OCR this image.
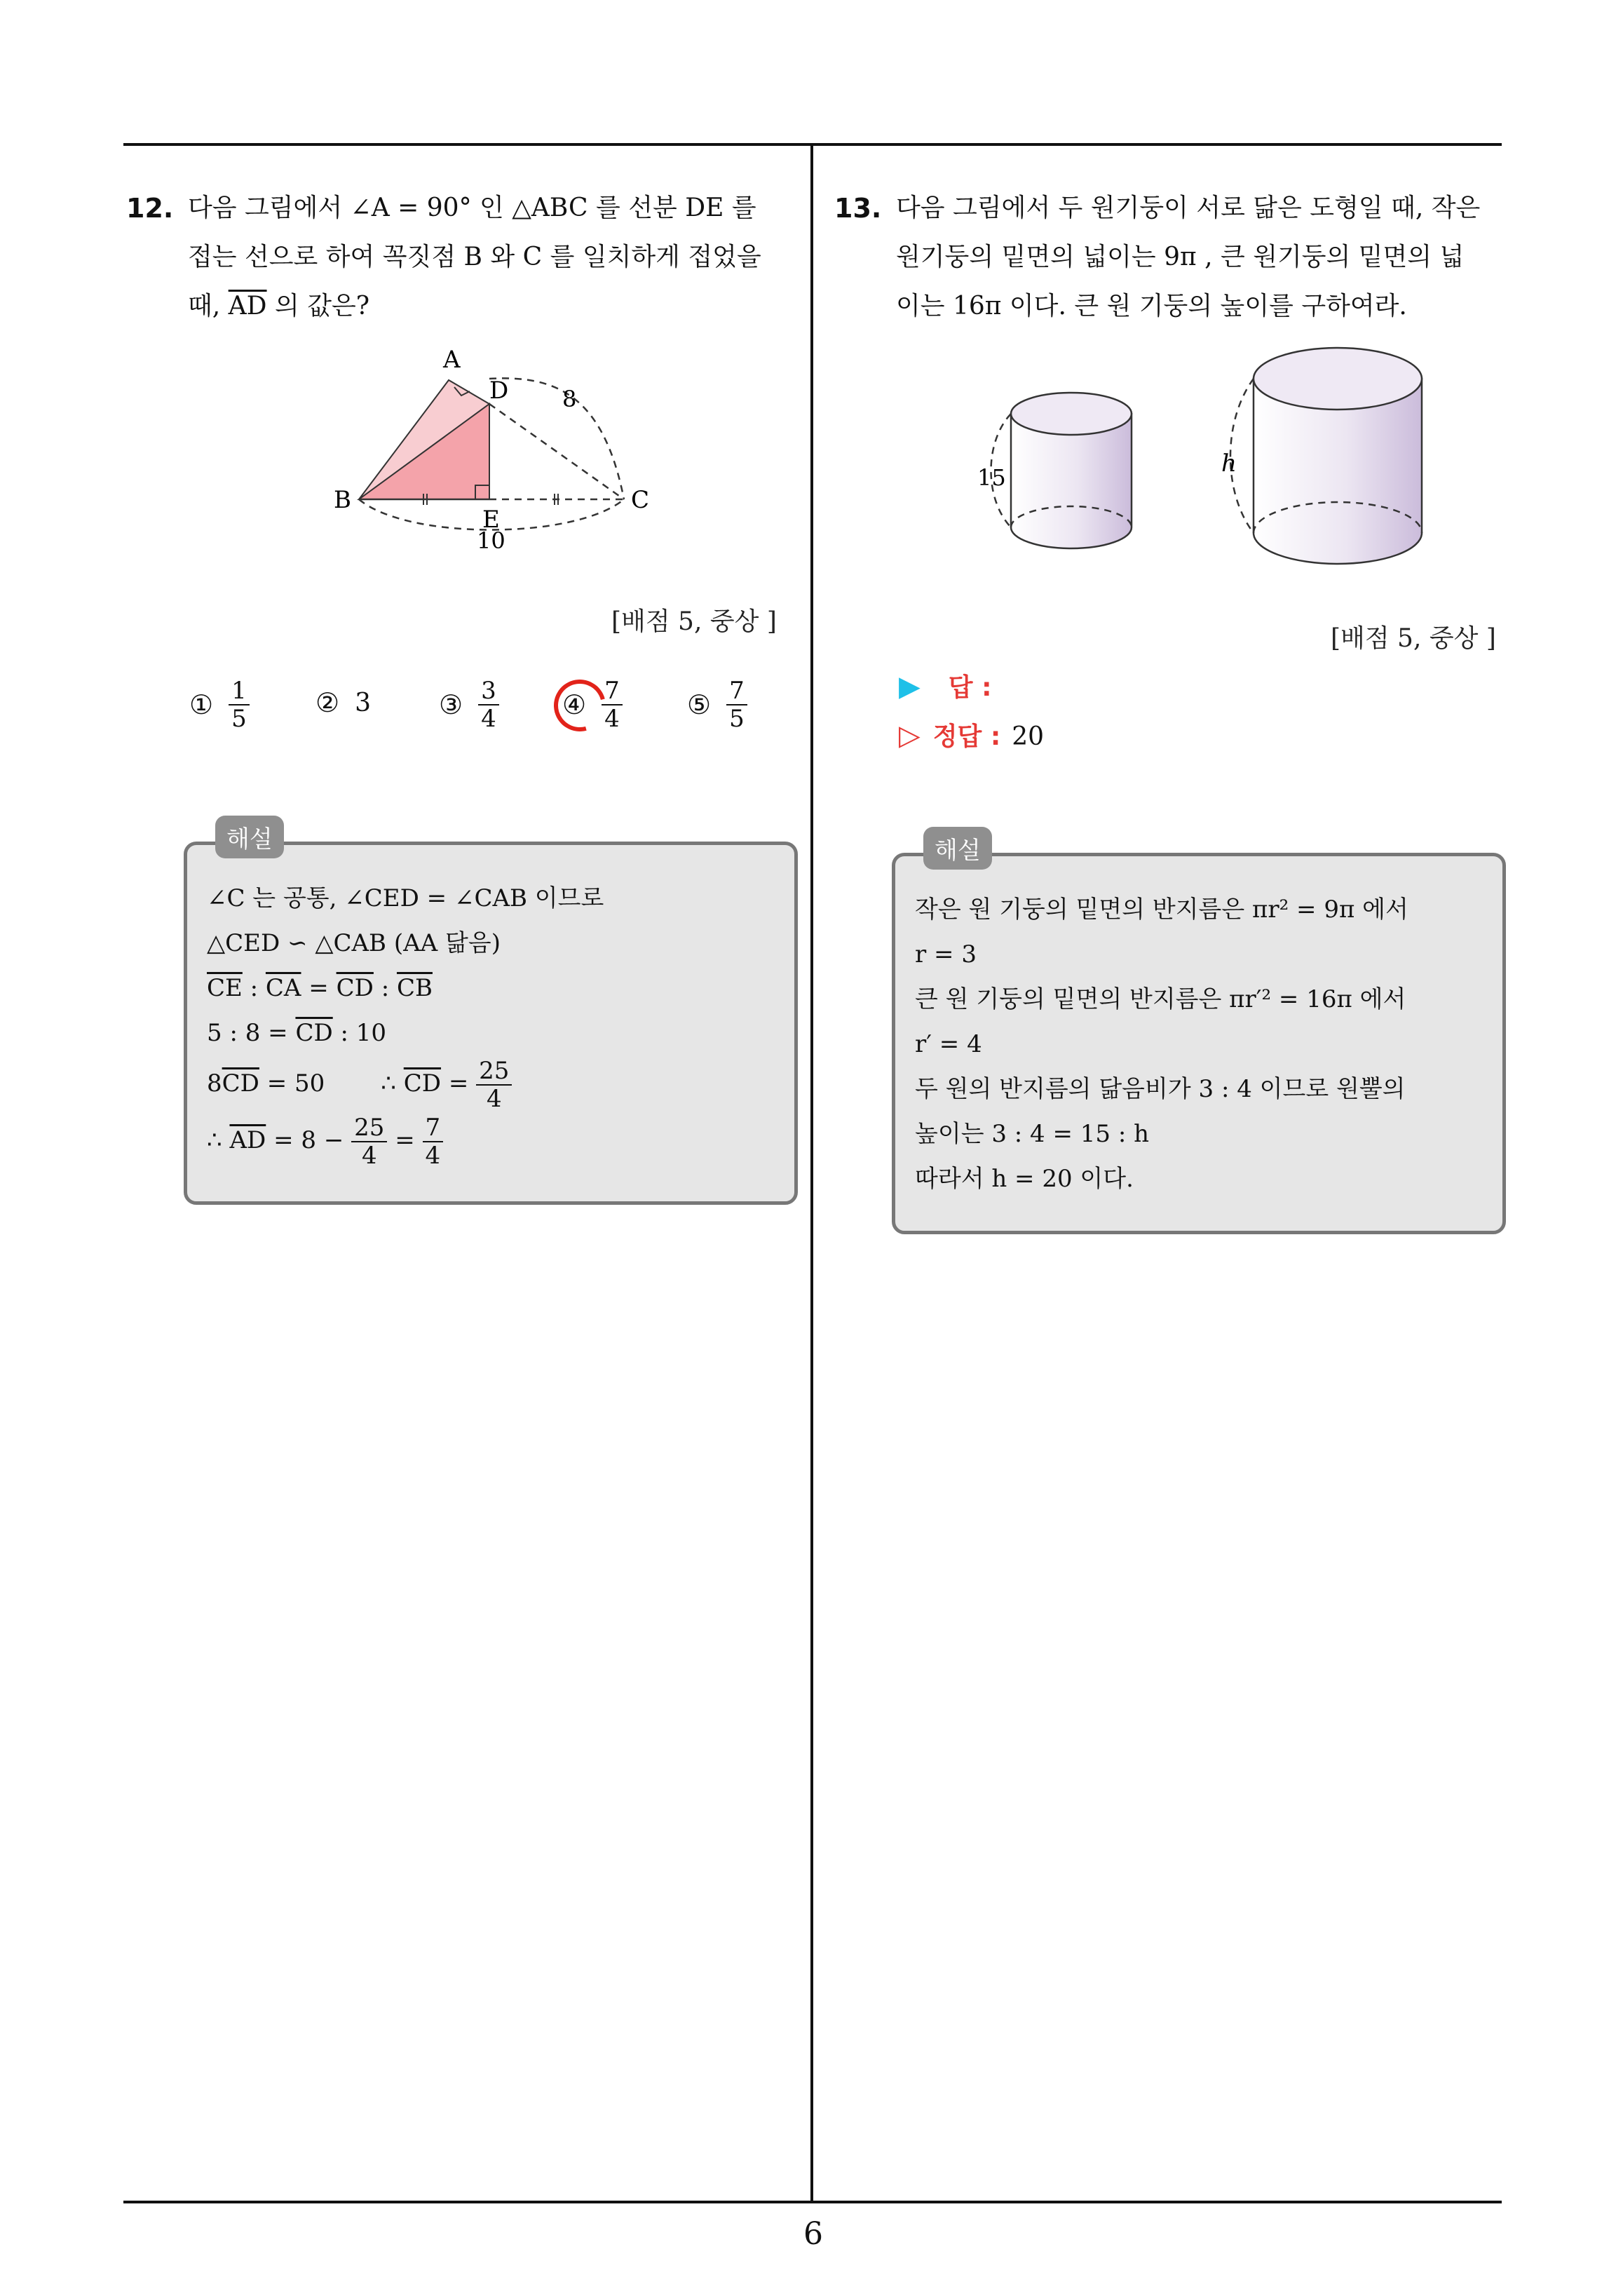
6
12. 다음 그림에서 ∠A = 90° 인 △ABC 를 선분 DE 를
접는 선으로 하여 꼭짓점 B 와 C 를 일치하게 접었을
때, $\overline{AD}$ 의 값은?
A
D
B
E
C
8
10
[배점 5, 중상 ]
① $\frac{1}{5}$ ② 3	③ $\frac{3}{4}$ ④ $\frac{7}{4}$ ⑤ $\frac{7}{5}$
해설
∠C 는 공통, ∠CED = ∠CAB 이므로
△CED ∽ △CAB (AA 닮음)
$\overline{CE}$ : $\overline{CA} = \overline{CD}$ : $\overline{CB}$
5 : $8 = \overline{CD}$ : 10
$8\overline{CD} = 50$ ∴ $\overline{CD} = \frac{25}{4}$
∴ $\overline{AD} = 8 - \frac{25}{4} = \frac{7}{4}$
13. 다음 그림에서 두 원기둥이 서로 닮은 도형일 때, 작은
원기둥의 밑면의 넓이는 9π , 큰 원기둥의 밑면의 넓
이는 16π 이다. 큰 원 기둥의 높이를 구하여라.
15	h
[배점 5, 중상 ]
▶ 답 :
▷ 정답 : 20
해설
작은 원 기둥의 밑면의 반지름은 πr² = 9π 에서
r = 3
큰 원 기둥의 밑면의 반지름은 πr′² = 16π 에서
r′ = 4
두 원의 반지름의 닮음비가 3 : 4 이므로 원뿔의
높이는 3 : 4 = 15 : h
따라서 h = 20 이다.
